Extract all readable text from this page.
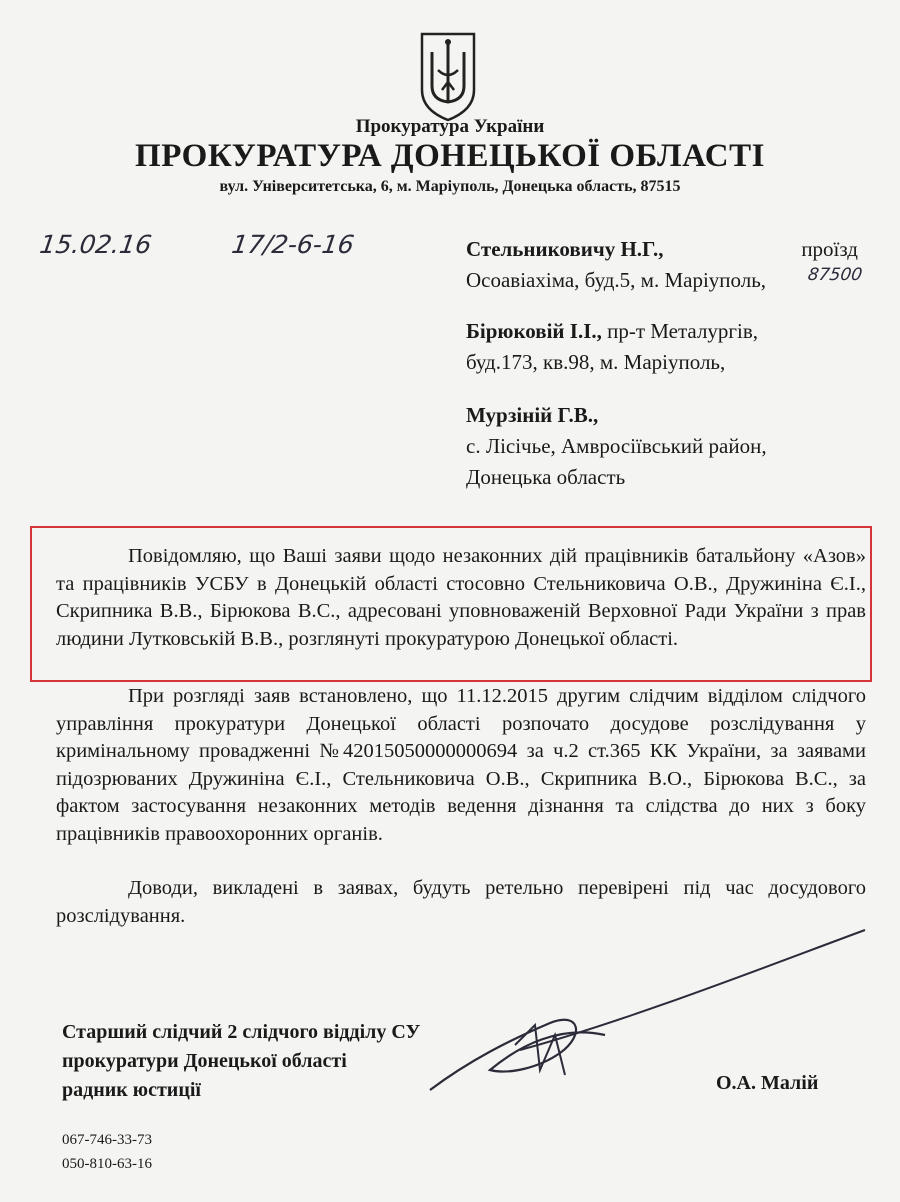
Прокуратура України
ПРОКУРАТУРА ДОНЕЦЬКОЇ ОБЛАСТІ
вул. Університетська, 6, м. Маріуполь, Донецька область, 87515
15.02.16	17/2-6-16
87500
Стельниковичу Н.Г.,	проїзд
Осоавіахіма, буд.5, м. Маріуполь,
Бірюковій І.І., пр-т Металургів,
буд.173, кв.98, м. Маріуполь,
Мурзіній Г.В.,
с. Лісічье, Амвросіївський район,
Донецька область
Повідомляю, що Ваші заяви щодо незаконних дій працівників батальйону «Азов» та працівників УСБУ в Донецькій області стосовно Стельниковича О.В., Дружиніна Є.І., Скрипника В.В., Бірюкова В.С., адресовані уповноваженій Верховної Ради України з прав людини Лутковській В.В., розглянуті прокуратурою Донецької області.
При розгляді заяв встановлено, що 11.12.2015 другим слідчим відділом слідчого управління прокуратури Донецької області розпочато досудове розслідування у кримінальному провадженні №42015050000000694 за ч.2 ст.365 КК України, за заявами підозрюваних Дружиніна Є.І., Стельниковича О.В., Скрипника В.О., Бірюкова В.С., за фактом застосування незаконних методів ведення дізнання та слідства до них з боку працівників правоохоронних органів.
Доводи, викладені в заявах, будуть ретельно перевірені під час досудового розслідування.
Старший слідчий 2 слідчого відділу СУ
прокуратури Донецької області
радник юстиції	О.А. Малій
067-746-33-73
050-810-63-16
